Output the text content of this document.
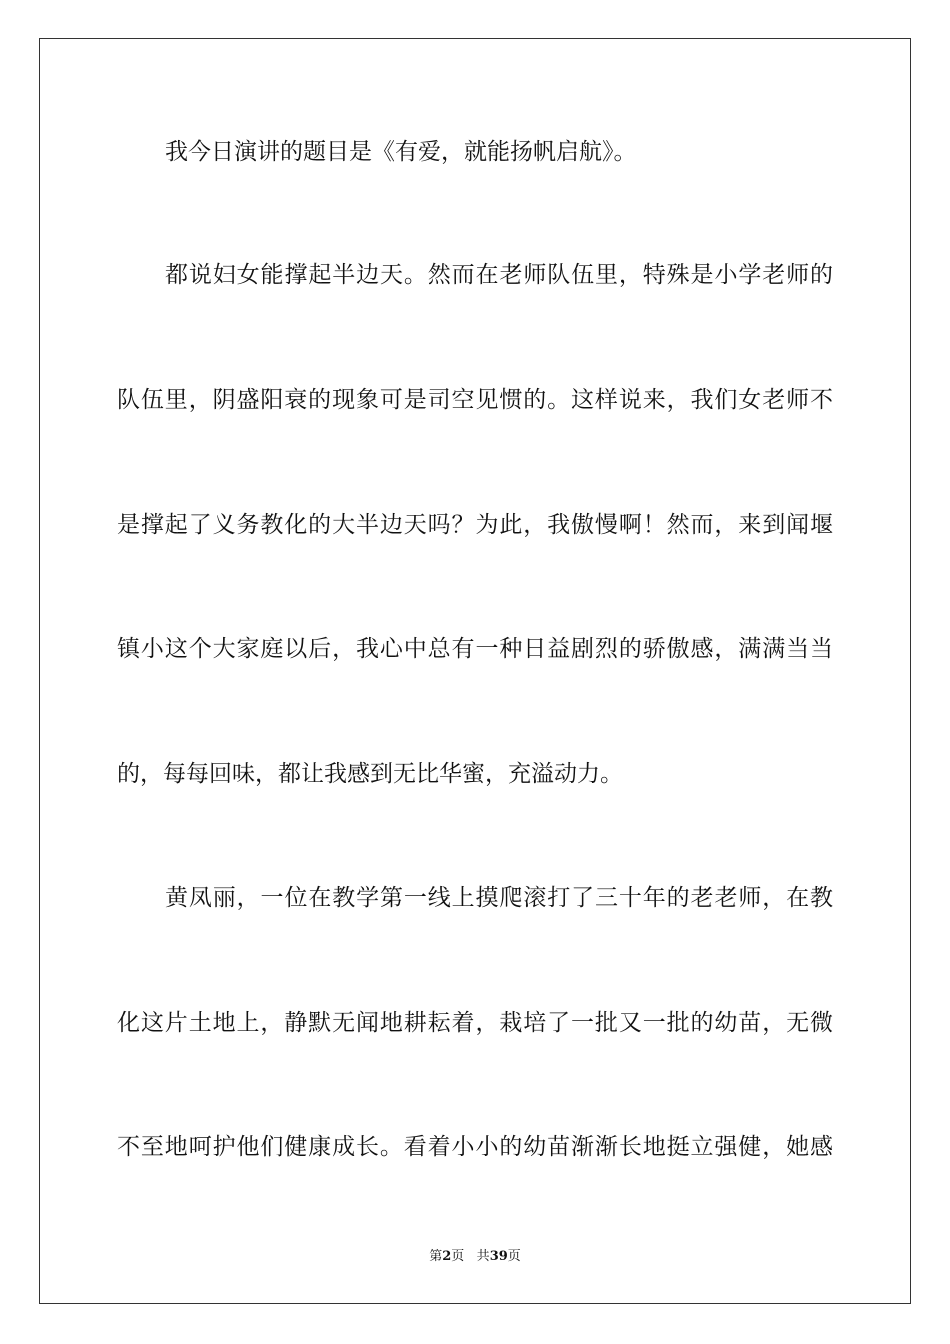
我今日演讲的题目是《有爱，就能扬帆启航》。
都说妇女能撑起半边天。然而在老师队伍里，特殊是小学老师的
队伍里，阴盛阳衰的现象可是司空见惯的。这样说来，我们女老师不
是撑起了义务教化的大半边天吗？为此，我傲慢啊！然而，来到闻堰
镇小这个大家庭以后，我心中总有一种日益剧烈的骄傲感，满满当当
的，每每回味，都让我感到无比华蜜，充溢动力。
黄凤丽，一位在教学第一线上摸爬滚打了三十年的老老师，在教
化这片土地上，静默无闻地耕耘着，栽培了一批又一批的幼苗，无微
不至地呵护他们健康成长。看着小小的幼苗渐渐长地挺立强健，她感
第2页 共39页
